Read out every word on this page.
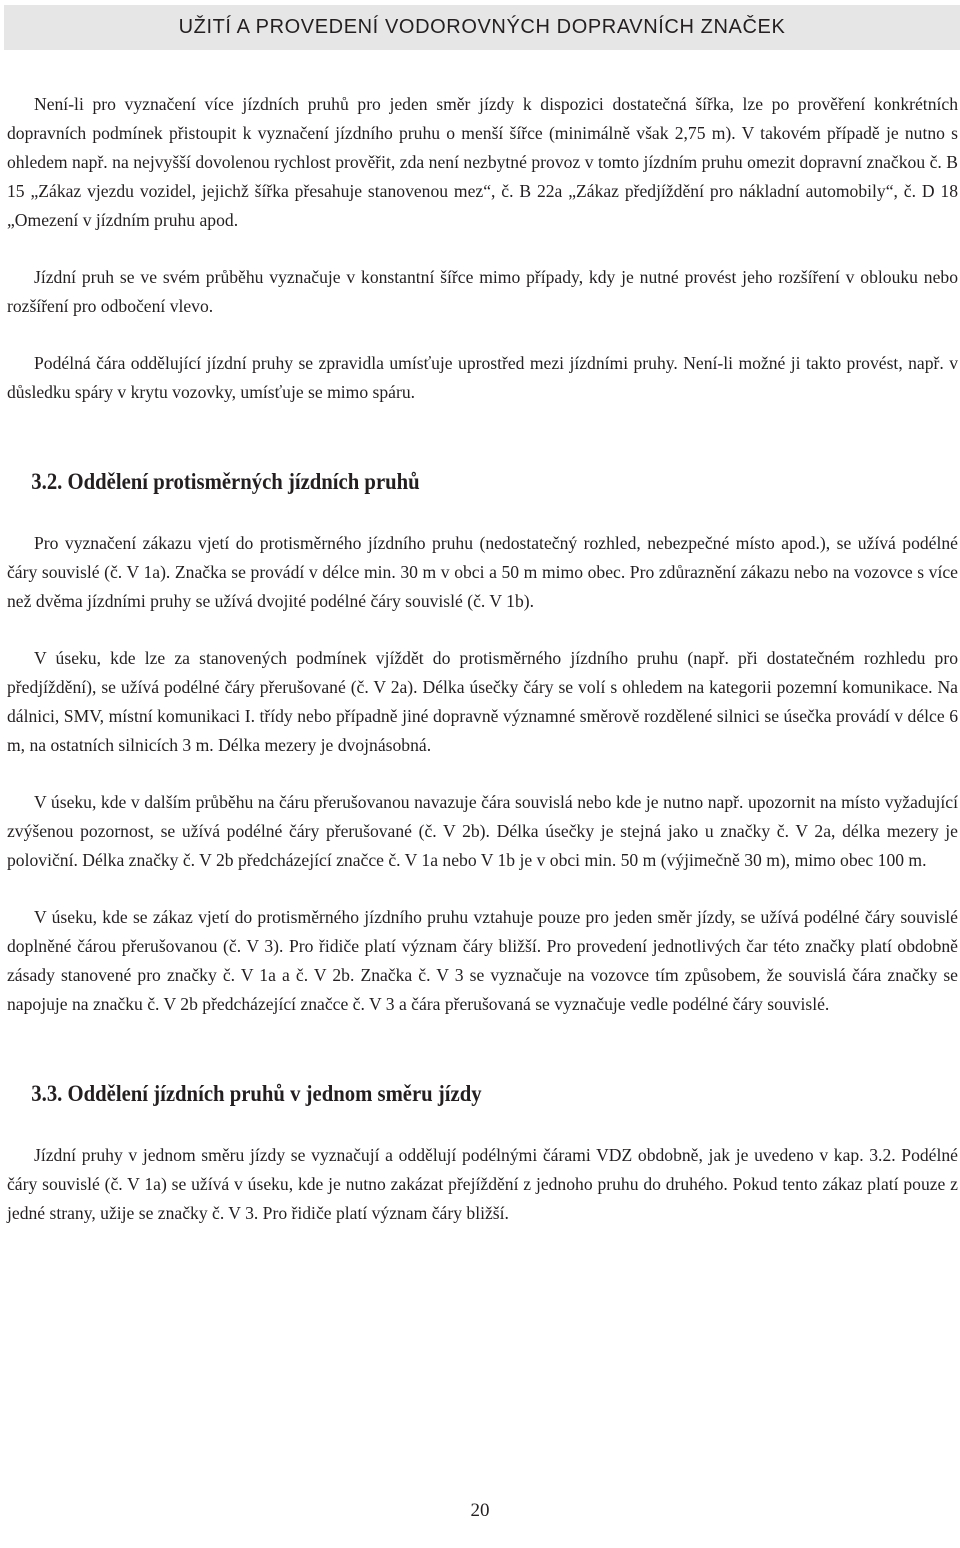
UŽITÍ A PROVEDENÍ VODOROVNÝCH DOPRAVNÍCH ZNAČEK

Není-li pro vyznačení více jízdních pruhů pro jeden směr jízdy k dispozici dostatečná šířka, lze po prověření konkrétních dopravních podmínek přistoupit k vyznačení jízdního pruhu o menší šířce (minimálně však 2,75 m). V takovém případě je nutno s ohledem např. na nejvyšší dovolenou rychlost prověřit, zda není nezbytné provoz v tomto jízdním pruhu omezit dopravní značkou č. B 15 „Zákaz vjezdu vozidel, jejichž šířka přesahuje stanovenou mez“, č. B 22a „Zákaz předjíždění pro nákladní automobily“, č. D 18 „Omezení v jízdním pruhu apod.

Jízdní pruh se ve svém průběhu vyznačuje v konstantní šířce mimo případy, kdy je nutné provést jeho rozšíření v oblouku nebo rozšíření pro odbočení vlevo.

Podélná čára oddělující jízdní pruhy se zpravidla umísťuje uprostřed mezi jízdními pruhy. Není-li možné ji takto provést, např. v důsledku spáry v krytu vozovky, umísťuje se mimo spáru.

3.2. Oddělení protisměrných jízdních pruhů

Pro vyznačení zákazu vjetí do protisměrného jízdního pruhu (nedostatečný rozhled, nebezpečné místo apod.), se užívá podélné čáry souvislé (č. V 1a). Značka se provádí v délce min. 30 m v obci a 50 m mimo obec. Pro zdůraznění zákazu nebo na vozovce s více než dvěma jízdními pruhy se užívá dvojité podélné čáry souvislé (č. V 1b).

V úseku, kde lze za stanovených podmínek vjíždět do protisměrného jízdního pruhu (např. při dostatečném rozhledu pro předjíždění), se užívá podélné čáry přerušované (č. V 2a). Délka úsečky čáry se volí s ohledem na kategorii pozemní komunikace. Na dálnici, SMV, místní komunikaci I. třídy nebo případně jiné dopravně významné směrově rozdělené silnici se úsečka provádí v délce 6 m, na ostatních silnicích 3 m. Délka mezery je dvojnásobná.

V úseku, kde v dalším průběhu na čáru přerušovanou navazuje čára souvislá nebo kde je nutno např. upozornit na místo vyžadující zvýšenou pozornost, se užívá podélné čáry přerušované (č. V 2b). Délka úsečky je stejná jako u značky č. V 2a, délka mezery je poloviční. Délka značky č. V 2b předcházející značce č. V 1a nebo V 1b je v obci min. 50 m (výjimečně 30 m), mimo obec 100 m.

V úseku, kde se zákaz vjetí do protisměrného jízdního pruhu vztahuje pouze pro jeden směr jízdy, se užívá podélné čáry souvislé doplněné čárou přerušovanou (č. V 3). Pro řidiče platí význam čáry bližší. Pro provedení jednotlivých čar této značky platí obdobně zásady stanovené pro značky č. V 1a a č. V 2b. Značka č. V 3 se vyznačuje na vozovce tím způsobem, že souvislá čára značky se napojuje na značku č. V 2b předcházející značce č. V 3 a čára přerušovaná se vyznačuje vedle podélné čáry souvislé.

3.3. Oddělení jízdních pruhů v jednom směru jízdy

Jízdní pruhy v jednom směru jízdy se vyznačují a oddělují podélnými čárami VDZ obdobně, jak je uvedeno v kap. 3.2. Podélné čáry souvislé (č. V 1a) se užívá v úseku, kde je nutno zakázat přejíždění z jednoho pruhu do druhého. Pokud tento zákaz platí pouze z jedné strany, užije se značky č. V 3. Pro řidiče platí význam čáry bližší.

20
